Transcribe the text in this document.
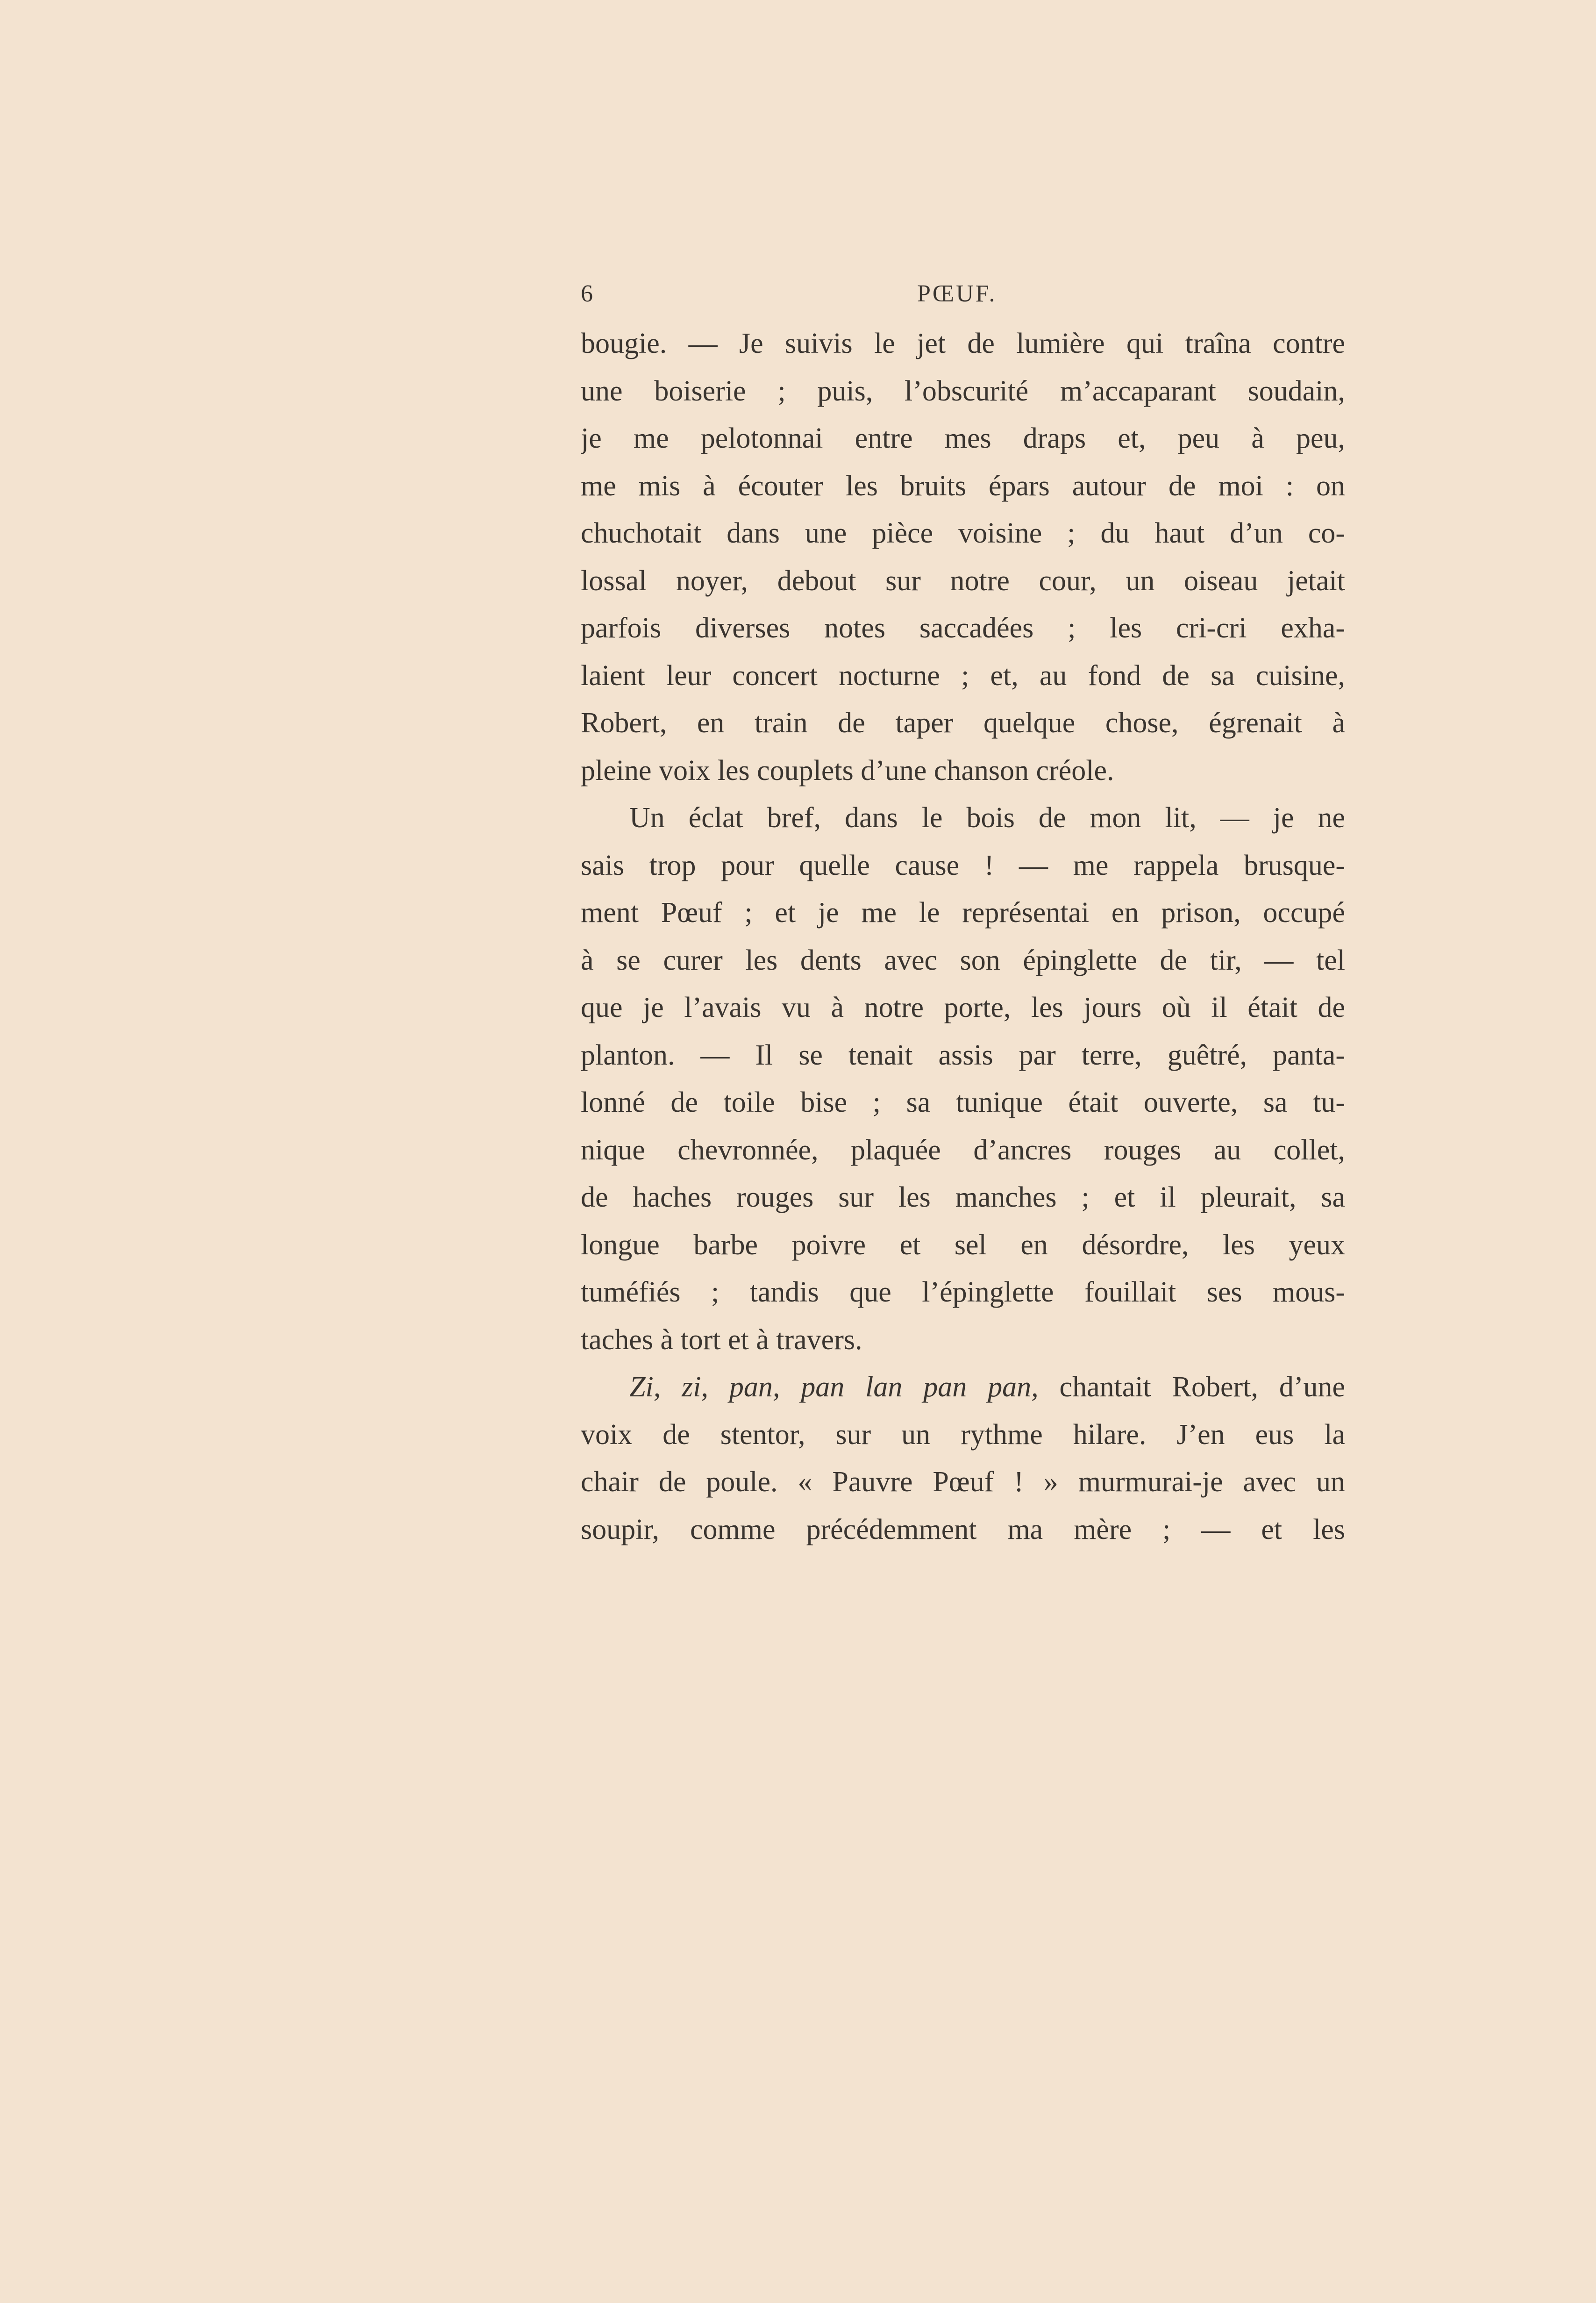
6	PŒUF.
bougie. — Je suivis le jet de lumière qui traîna contre
une boiserie ; puis, l’obscurité m’accaparant soudain,
je me pelotonnai entre mes draps et, peu à peu,
me mis à écouter les bruits épars autour de moi : on
chuchotait dans une pièce voisine ; du haut d’un co-
lossal noyer, debout sur notre cour, un oiseau jetait
parfois diverses notes saccadées ; les cri-cri exha-
laient leur concert nocturne ; et, au fond de sa cuisine,
Robert, en train de taper quelque chose, égrenait à
pleine voix les couplets d’une chanson créole.
Un éclat bref, dans le bois de mon lit, — je ne
sais trop pour quelle cause ! — me rappela brusque-
ment Pœuf ; et je me le représentai en prison, occupé
à se curer les dents avec son épinglette de tir, — tel
que je l’avais vu à notre porte, les jours où il était de
planton. — Il se tenait assis par terre, guêtré, panta-
lonné de toile bise ; sa tunique était ouverte, sa tu-
nique chevronnée, plaquée d’ancres rouges au collet,
de haches rouges sur les manches ; et il pleurait, sa
longue barbe poivre et sel en désordre, les yeux
tuméfiés ; tandis que l’épinglette fouillait ses mous-
taches à tort et à travers.
Zi, zi, pan, pan lan pan pan, chantait Robert, d’une
voix de stentor, sur un rythme hilare. J’en eus la
chair de poule. « Pauvre Pœuf ! » murmurai-je avec un
soupir, comme précédemment ma mère ; — et les
